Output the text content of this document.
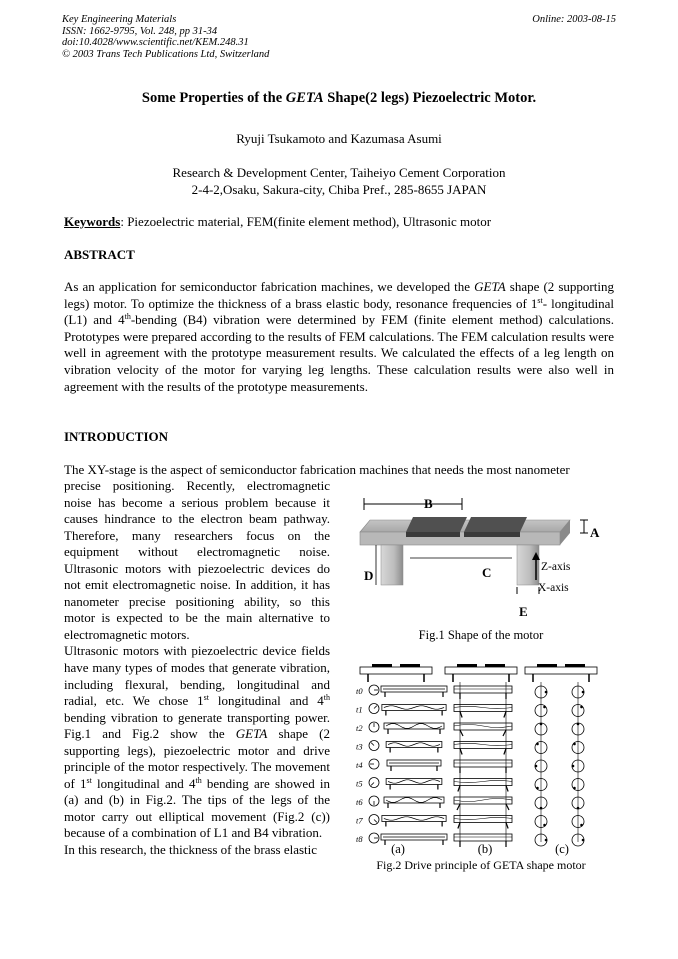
Key Engineering Materials
ISSN: 1662-9795, Vol. 248, pp 31-34
doi:10.4028/www.scientific.net/KEM.248.31
© 2003 Trans Tech Publications Ltd, Switzerland
Online: 2003-08-15
Some Properties of the GETA Shape(2 legs) Piezoelectric Motor.
Ryuji Tsukamoto and Kazumasa Asumi
Research & Development Center, Taiheiyo Cement Corporation
2-4-2,Osaku, Sakura-city, Chiba Pref., 285-8655 JAPAN
Keywords: Piezoelectric material, FEM(finite element method), Ultrasonic motor
ABSTRACT
As an application for semiconductor fabrication machines, we developed the GETA shape (2 supporting legs) motor. To optimize the thickness of a brass elastic body, resonance frequencies of 1st- longitudinal (L1) and 4th-bending (B4) vibration were determined by FEM (finite element method) calculations. Prototypes were prepared according to the results of FEM calculations. The FEM calculation results were well in agreement with the prototype measurement results. We calculated the effects of a leg length on vibration velocity of the motor for varying leg lengths. These calculation results were also well in agreement with the results of the prototype measurements.
INTRODUCTION
The XY-stage is the aspect of semiconductor fabrication machines that needs the most nanometer
precise positioning. Recently, electromagnetic noise has become a serious problem because it causes hindrance to the electron beam pathway. Therefore, many researchers focus on the equipment without electromagnetic noise. Ultrasonic motors with piezoelectric devices do not emit electromagnetic noise. In addition, it has nanometer precise positioning ability, so this motor is expected to be the main alternative to electromagnetic motors.
Ultrasonic motors with piezoelectric device fields have many types of modes that generate vibration, including flexural, bending, longitudinal and radial, etc. We chose 1st longitudinal and 4th bending vibration to generate transporting power. Fig.1 and Fig.2 show the GETA shape (2 supporting legs), piezoelectric motor and drive principle of the motor respectively. The movement of 1st longitudinal and 4th bending are showed in (a) and (b) in Fig.2. The tips of the legs of the motor carry out elliptical movement (Fig.2 (c)) because of a combination of L1 and B4 vibration.
In this research, the thickness of the brass elastic
B
A
C
D
E
Z-axis
X-axis
Fig.1 Shape of the motor
t0
t1
t2
t3
t4
t5
t6
t7
t8
(a)	(b)	(c)
Fig.2 Drive principle of GETA shape motor
